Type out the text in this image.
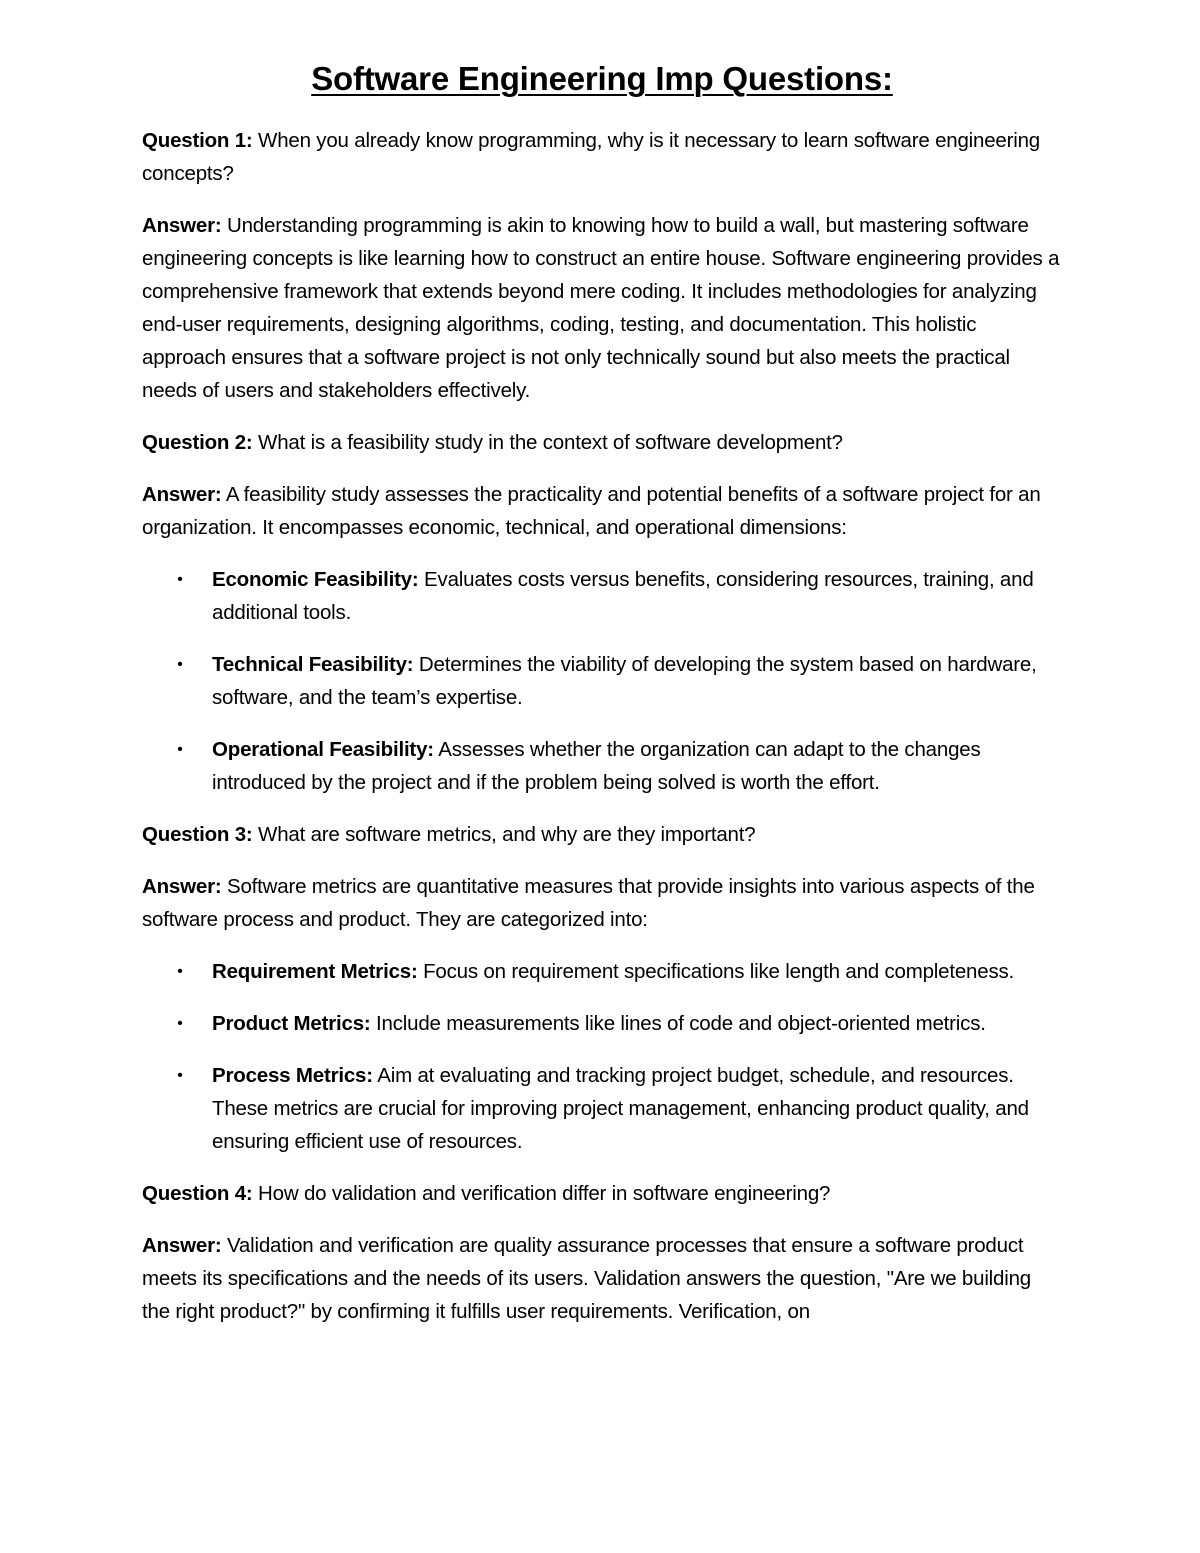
Software Engineering Imp Questions:

Question 1: When you already know programming, why is it necessary to learn software engineering concepts?

Answer: Understanding programming is akin to knowing how to build a wall, but mastering software engineering concepts is like learning how to construct an entire house. Software engineering provides a comprehensive framework that extends beyond mere coding. It includes methodologies for analyzing end-user requirements, designing algorithms, coding, testing, and documentation. This holistic approach ensures that a software project is not only technically sound but also meets the practical needs of users and stakeholders effectively.

Question 2: What is a feasibility study in the context of software development?

Answer: A feasibility study assesses the practicality and potential benefits of a software project for an organization. It encompasses economic, technical, and operational dimensions:

• Economic Feasibility: Evaluates costs versus benefits, considering resources, training, and additional tools.
• Technical Feasibility: Determines the viability of developing the system based on hardware, software, and the team’s expertise.
• Operational Feasibility: Assesses whether the organization can adapt to the changes introduced by the project and if the problem being solved is worth the effort.

Question 3: What are software metrics, and why are they important?

Answer: Software metrics are quantitative measures that provide insights into various aspects of the software process and product. They are categorized into:

• Requirement Metrics: Focus on requirement specifications like length and completeness.
• Product Metrics: Include measurements like lines of code and object-oriented metrics.
• Process Metrics: Aim at evaluating and tracking project budget, schedule, and resources. These metrics are crucial for improving project management, enhancing product quality, and ensuring efficient use of resources.

Question 4: How do validation and verification differ in software engineering?

Answer: Validation and verification are quality assurance processes that ensure a software product meets its specifications and the needs of its users. Validation answers the question, "Are we building the right product?" by confirming it fulfills user requirements. Verification, on
